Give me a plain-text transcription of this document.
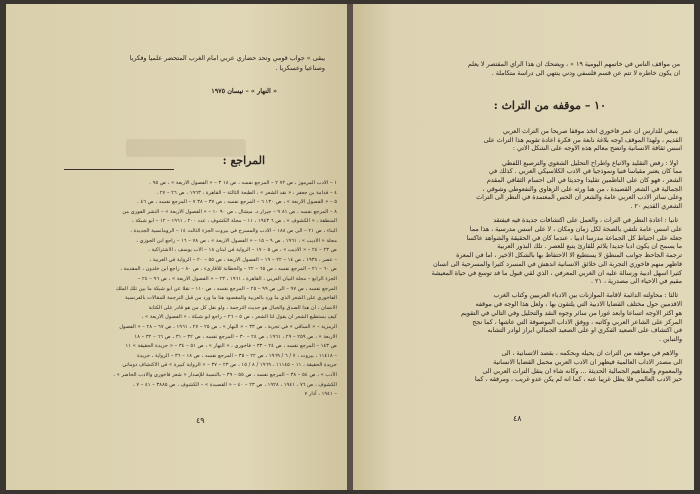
يبقى » جواب قومي وتحد حضاري عربي امام الغرب المتحضر علميا وفكريا
وصناعيا وعسكريا .
« النهار » – نيسان ١٩٧٥
المراجع :
١ – الادب المرموز ، ص ٧٢ ٢ – المرجع نفسه ، ص ١٨ ٣ – « الفصول الاربعة » ، ص ٩٥ .
٤ – قدامة بن جعفر ، « نقد الشعر » ، الطبعة الثالثة – القاهرة ، ١٩٦٣ ، ص ٢٦ – ٢٧ .
٥ – « الفصول الاربعة » ، ص ١٣٠ ٦ – المرجع نفسه ، ص ٣٧ – ٣٨ ٧ – المرجع نفسه ، ص ٤٦ .
٨ – المرجع نفسه ، ص ٨١ ٩ – جيرار د. ميشال ، ص ٩٠ ١٠ – « الفصول الاربعة » – النشر الفوري من
المنطقة ، « الكشوف » ، ص ٦ ١٩٤٣ ، ١١ – مجلة الكشوف ، عدد ٢٠٠ ، ١٩٦١ – ١٢ – ابو شبكة ،
البناء ، ص ٢١ – الى ص ١٨٨ – الادب والمسرح في بيروت الجزء الثالث ١٤ – الرومانسية الجديدة ،
مجلة « الاديب » ، ١٩٦١ ، ص ٩ – ١٥ – « الفصول الاربعة » ، ص ٧٨ – ١٦ – راجع ابن الجوزي ،
ص ٢٣ – ٢٤ – « الاديب » ، ص ٥ – ١٧ – الرواية في لبنان ١٨ – الاب يوسف ، الاشتراكية .
– عصر ، ١٩٣٨ ، ص ١٤ – ٢٢ – ١٩ – الفصول الاربعة ، ص ٥٥ – ٢٠ – الرواية في العربية ،
ص ٦٠ – ٢١ – المرجع نفسه ، ص ٦٥ – ٢٢ – والخطابة للاقارىء ، ص ٨٠ – راجع ابن خلدون ، المقدمة ،
الجزء الرابع – مجلة البيان العربي ، القاهرة ، ١٩٦١ ، ٢٣ – « الفصول الاربعة » ، ص ٩٦ – ٢٤ –
المرجع نفسه ، ص ٩٧ – الى ص ٩٩ – ٢٥ – المرجع نفسه ، ص ١١٠ – نقلا عن ابو شبكة ما بين تلك الملك
الفاخوري على الشعر الذي ما ورد بالعربية والمقصود هنا ما ورد من قبل الترجمة للمقالات بالفرنسية
الانسان ، ان هذا الصدق والخيال هو حديث الترجمة ، ولو نقل كل من هو قادر على الكتابة
كيف يستطيع الشعر ان يقول لنا الشعر ، ص ٥ – ٢٦ – راجع ابو شبكة ، « الفصول الاربعة » ،
الرمزية – « الساقي » في تجربة ، ص ٣٣ – « النهار » ، ص ٢٥ – ٢٧ ، ١٩٦١ ، ص ٦٧ – ٢٨ – « الفصول
الاربعة » ، ص ٢٥٩ – ٢٩ ، ١٩٦١ ، ص ٢٤ – ٣٠ – المرجع نفسه ، ص ٣٢ – ٣١ ، ص ٦٦ – ٣٢ – ١٨
ص ١٤٣ – المرجع نفسه ، ص ٢٤ – ٣٣ – فاخوري ، « النهار » ، ص ٥١ – ٣٤ – « جريدة الحقيقة » ١١
– ١١٤١٨ ، بيروت ، ٧ / ٦ / ١٩٦٩ ، ص ٢٢ – ٣٥ – المرجع نفسه ، ص ١٨ – ٣٦ – الرواية ، جريدة
جريدة الحقيقة ، ١١ – ١١١٤٥ ، ١٩٦٩ / ٨ / ١٥ ، ص ٢٣ – ٣٧ – « الرواية كبيرة » في الاكتشاف دوماني
الأدب » ، ص ٥٤ – ٣٨ – المرجع نفسه ، ص ٥٥ – ٣٩ – بالنسبة للإصدار « شعر فاخوري والادب الحاضر » ،
الكشوف ، ص ٧٦ ، ١٩٤١ ، ١٩٢٨ ، ص ٢٣ – ٤٠ – « القصيدة » – الكشوف ، ص ٣٨٨٥ – ٤١ – ٧ ،
– ١٩٤١ ، آذار ٧
٤٩
من مواقف الناس في خاتمهم اليومية ١٩ » ، ويضحك ان هذا الرأي المقتصر لا يعلم
ان يكون خاطره لا تتم عن قسم فلسفي ودني ينتهي الى دراسة متكاملة .
١٠ – موقفه من التراث :
ينبغي للدارس ان عمر فاخوري اتخذ موقفا صريحا من التراث العربي
القديم ، ولهذا الموقف أوجه بلاغة نابعة من فكرة اعادة تقويم هذا التراث على
اسس ثقافة الانسانية واتضح معالم هذه الاوجه على الشكل الآتي :
أولا : رفض التقليد والاتباع واطراح التحليل الشغوي والترصيع اللفظي
مما كان يعتبر مقياسا فنيا ونموذجيا في الادب الكلاسيكي العربي . كذلك في
الشعر ، فهو كان على الناظمين تقليدا وحديثا في الى احسام الثقافي المقدم
الجمالية في الشعر القصيدة ، من هنا ورثه على الزهاوي والنفعوطي وشوقي ،
وعلى سائر الأدب العربي عامة والشعر ان الحس المعتمدة في النظر الى التراث
الشعري القديم ٢٠ .
ثانيا : اعادة النظر في التراث ، والعمل على اكتشافات جديدة فيه فيفتقد
على اسس عامة تلتقي بالصحة لكل زمان ومكان ، لا على اسس مدرسية ، هذا مما
جعله على احتياط كل الجماعة مدرسا ادبيا ، عندما كان في الحقيقة والشواهد عاكسا
ما يسمح ان يكون ادبا جديدا يلائم للقارئ يتبع للعصر . تلك البذور العربية
ترجمة الجاحظ جوانب المنطق لا يستطيع الا الاحتفاظ بها بالشكل الاخير ، اما في المعرة
فاظهر منهم فاخوري التجربة الى خلائق الانسانية اندهش في المسرد كثيرا والمسرحية الى انسان
كثيرا أسهل أدبية ورسالة عليه ان الغربي المعرفي ، الذي لقي قبول ما قد توسع في حياة المعيشة
مقيم في الاحياء الى مصدرية ، ٢١ .
ثالثا : محاولته الدائمة لاقامة الموازنات بين الادباء العربيين وكتاب الغرب
الاقدمين حول مختلف القضايا الادبية التي يلتقون بها ، ولعل هذا الوجه في موقفه
هو اكثر الاوجه اتساعا وابعد غورا من سائر وجوه النقد والتحليل وفي التالي في التقويم
المركز على الشاعر العربي وكاتبه ، ووفق الآداب الموصوفة التي عاشها ، كما نجح
في اكتشاف على الصعيد الفكري او على الصعيد الجمالي ابراز لوادر التشابه
والتباين .
والاهم في موقفه من التراث ان يحيله وبحكمه ، بقصد الاتسانية ، الى
الى مصدر الاداب العالمية فيظهر ان الادب العربي محمل القضايا الانسانية
والمعموم والمفاهيم الجمالية الحديثة ... وكانه شاء ان ينقل التراث العربي الى
حيز الادب العالمي فلا يظل غريبا عنه ، كما انه لم يكن عدو غريب ، ومرفقه ، كما
٤٨
